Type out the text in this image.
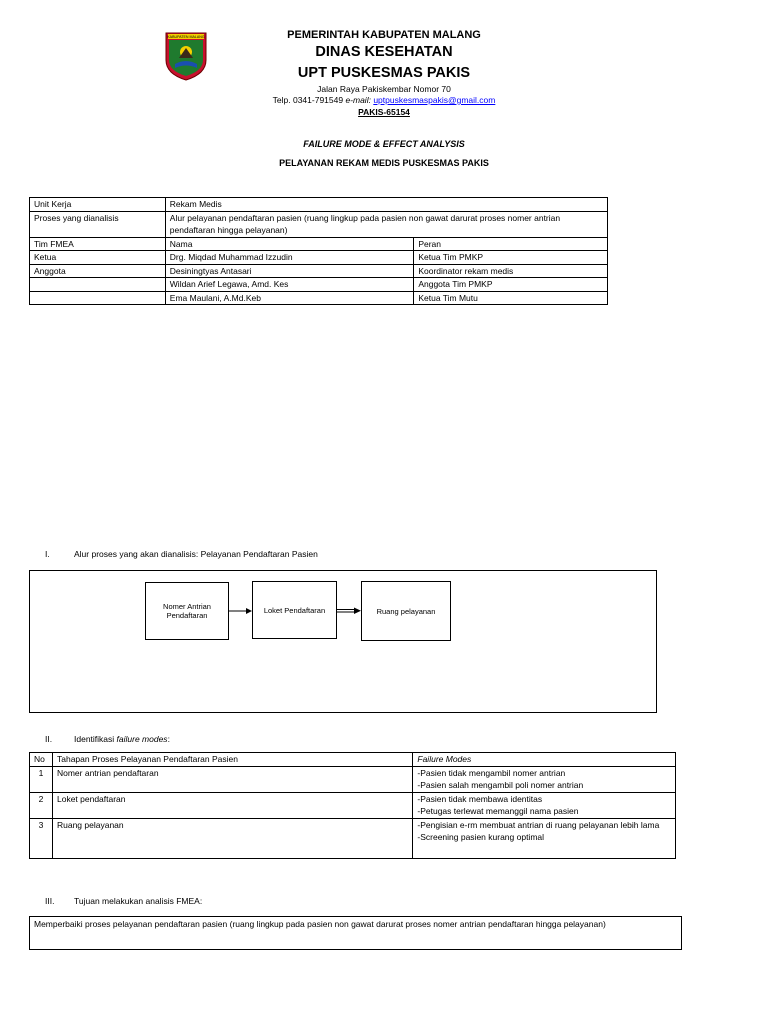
KABUPATEN MALANG	PEMERINTAH KABUPATEN MALANG
DINAS KESEHATAN
UPT PUSKESMAS PAKIS
Jalan Raya Pakiskembar Nomor 70
Telp. 0341-791549 e-mail: uptpuskesmaspakis@gmail.com
PAKIS-65154
FAILURE MODE & EFFECT ANALYSIS
PELAYANAN REKAM MEDIS PUSKESMAS PAKIS
Unit Kerja	Rekam Medis	
Proses yang dianalisis	Alur pelayanan pendaftaran pasien (ruang lingkup pada pasien non gawat darurat proses nomer antrian pendaftaran hingga pelayanan)	
Tim FMEA	Nama	Peran
Ketua	Drg. Miqdad Muhammad Izzudin	Ketua Tim PMKP
Anggota	Desiningtyas Antasari	Koordinator rekam medis
	Wildan Arief Legawa, Amd. Kes	Anggota Tim PMKP
	Ema Maulani, A.Md.Keb	Ketua Tim Mutu
I.	Alur proses yang akan dianalisis: Pelayanan Pendaftaran Pasien
Nomer Antrian Pendaftaran
Loket Pendaftaran	Ruang pelayanan
II.	Identifikasi failure modes:
No	Tahapan Proses Pelayanan Pendaftaran Pasien	Failure Modes
1	Nomer antrian pendaftaran	-Pasien tidak mengambil nomer antrian
-Pasien salah mengambil poli nomer antrian

2	Loket pendaftaran	-Pasien tidak membawa identitas
-Petugas terlewat memanggil nama pasien

3	Ruang pelayanan	-Pengisian e-rm membuat antrian di ruang pelayanan lebih lama
-Screening pasien kurang optimal
III. Tujuan melakukan analisis FMEA:
Memperbaiki proses pelayanan pendaftaran pasien (ruang lingkup pada pasien non gawat darurat proses nomer antrian pendaftaran hingga pelayanan)
